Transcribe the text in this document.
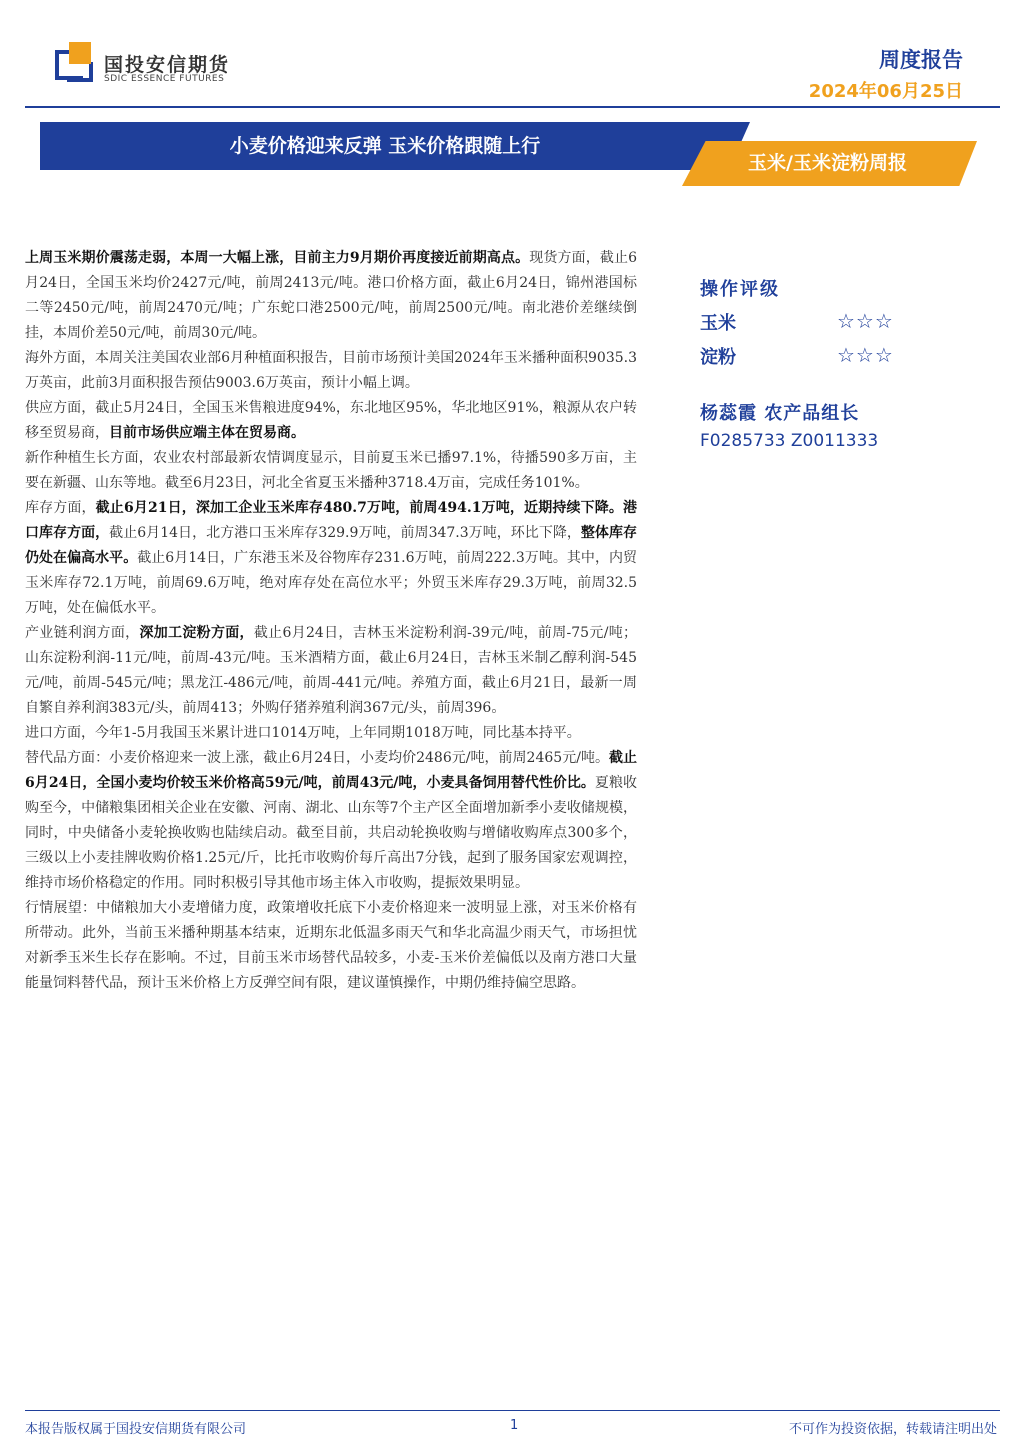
国投安信期货
SDIC ESSENCE FUTURES
周度报告
2024年06月25日
小麦价格迎来反弹 玉米价格跟随上行
玉米/玉米淀粉周报

上周玉米期价震荡走弱，本周一大幅上涨，目前主力9月期价再度接近前期高点。现货方面，截止6月24日，全国玉米均价2427元/吨，前周2413元/吨。港口价格方面，截止6月24日，锦州港国标二等2450元/吨，前周2470元/吨；广东蛇口港2500元/吨，前周2500元/吨。南北港价差继续倒挂，本周价差50元/吨，前周30元/吨。

海外方面，本周关注美国农业部6月种植面积报告，目前市场预计美国2024年玉米播种面积9035.3万英亩，此前3月面积报告预估9003.6万英亩，预计小幅上调。

供应方面，截止5月24日，全国玉米售粮进度94%，东北地区95%，华北地区91%，粮源从农户转移至贸易商，目前市场供应端主体在贸易商。

新作种植生长方面，农业农村部最新农情调度显示，目前夏玉米已播97.1%，待播590多万亩，主要在新疆、山东等地。截至6月23日，河北全省夏玉米播种3718.4万亩，完成任务101%。

库存方面，截止6月21日，深加工企业玉米库存480.7万吨，前周494.1万吨，近期持续下降。港口库存方面，截止6月14日，北方港口玉米库存329.9万吨，前周347.3万吨，环比下降，整体库存仍处在偏高水平。截止6月14日，广东港玉米及谷物库存231.6万吨，前周222.3万吨。其中，内贸玉米库存72.1万吨，前周69.6万吨，绝对库存处在高位水平；外贸玉米库存29.3万吨，前周32.5万吨，处在偏低水平。

产业链利润方面，深加工淀粉方面，截止6月24日，吉林玉米淀粉利润-39元/吨，前周-75元/吨；山东淀粉利润-11元/吨，前周-43元/吨。玉米酒精方面，截止6月24日，吉林玉米制乙醇利润-545元/吨，前周-545元/吨；黑龙江-486元/吨，前周-441元/吨。养殖方面，截止6月21日，最新一周自繁自养利润383元/头，前周413；外购仔猪养殖利润367元/头，前周396。

进口方面，今年1-5月我国玉米累计进口1014万吨，上年同期1018万吨，同比基本持平。

替代品方面：小麦价格迎来一波上涨，截止6月24日，小麦均价2486元/吨，前周2465元/吨。截止6月24日，全国小麦均价较玉米价格高59元/吨，前周43元/吨，小麦具备饲用替代性价比。夏粮收购至今，中储粮集团相关企业在安徽、河南、湖北、山东等7个主产区全面增加新季小麦收储规模，同时，中央储备小麦轮换收购也陆续启动。截至目前，共启动轮换收购与增储收购库点300多个，三级以上小麦挂牌收购价格1.25元/斤，比托市收购价每斤高出7分钱，起到了服务国家宏观调控，维持市场价格稳定的作用。同时积极引导其他市场主体入市收购，提振效果明显。

行情展望：中储粮加大小麦增储力度，政策增收托底下小麦价格迎来一波明显上涨，对玉米价格有所带动。此外，当前玉米播种期基本结束，近期东北低温多雨天气和华北高温少雨天气，市场担忧对新季玉米生长存在影响。不过，目前玉米市场替代品较多，小麦-玉米价差偏低以及南方港口大量能量饲料替代品，预计玉米价格上方反弹空间有限，建议谨慎操作，中期仍维持偏空思路。

操作评级
玉米	☆☆☆
淀粉	☆☆☆
杨蕊霞 农产品组长
F0285733 Z0011333
本报告版权属于国投安信期货有限公司	1	不可作为投资依据，转载请注明出处
